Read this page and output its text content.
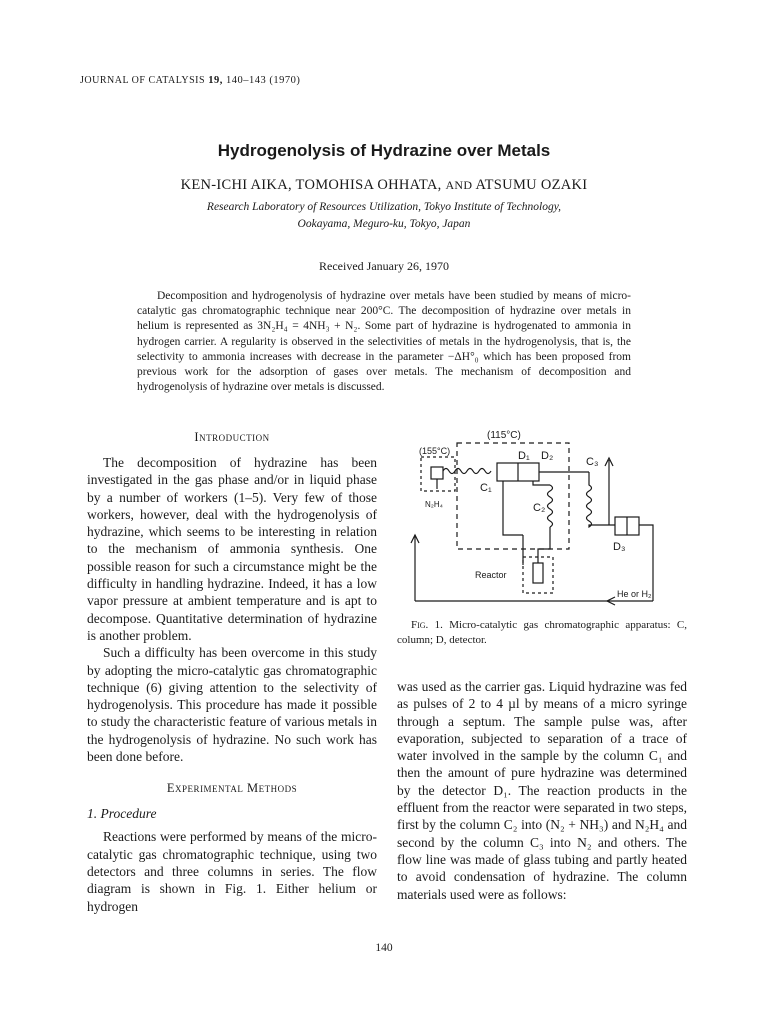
JOURNAL OF CATALYSIS 19, 140–143 (1970)
Hydrogenolysis of Hydrazine over Metals
KEN-ICHI AIKA, TOMOHISA OHHATA, AND ATSUMU OZAKI
Research Laboratory of Resources Utilization, Tokyo Institute of Technology,
Ookayama, Meguro-ku, Tokyo, Japan
Received January 26, 1970

Decomposition and hydrogenolysis of hydrazine over metals have been studied by means of micro-catalytic gas chromatographic technique near 200°C. The decomposition of hydrazine over metals in helium is represented as 3N₂H₄ = 4NH₃ + N₂. Some part of hydrazine is hydrogenated to ammonia in hydrogen carrier. A regularity is observed in the selectivities of metals in the hydrogenolysis, that is, the selectivity to ammonia increases with decrease in the parameter −ΔH°₀ which has been proposed from previous work for the adsorption of gases over metals. The mechanism of decomposition and hydrogenolysis of hydrazine over metals is discussed.

Introduction

The decomposition of hydrazine has been investigated in the gas phase and/or in liquid phase by a number of workers (1–5). Very few of those workers, however, deal with the hydrogenolysis of hydrazine, which seems to be interesting in relation to the mechanism of ammonia synthesis. One possible reason for such a circumstance might be the difficulty in handling hydrazine. Indeed, it has a low vapor pressure at ambient temperature and is apt to decompose. Quantitative determination of hydrazine is another problem.

Such a difficulty has been overcome in this study by adopting the micro-catalytic gas chromatographic technique (6) giving attention to the selectivity of hydrogenolysis. This procedure has made it possible to study the characteristic feature of various metals in the hydrogenolysis of hydrazine. No such work has been done before.

Experimental Methods
1. Procedure

Reactions were performed by means of the micro-catalytic gas chromatographic technique, using two detectors and three columns in series. The flow diagram is shown in Fig. 1. Either helium or hydrogen

(115°C)
(155°C)	D₁ D₂	C₃
C₁
C₂
N₂H₄
D₃
Reactor
He or H₂

Fig. 1. Micro-catalytic gas chromatographic apparatus: C, column; D, detector.

was used as the carrier gas. Liquid hydrazine was fed as pulses of 2 to 4 µl by means of a micro syringe through a septum. The sample pulse was, after evaporation, subjected to separation of a trace of water involved in the sample by the column C₁ and then the amount of pure hydrazine was determined by the detector D₁. The reaction products in the effluent from the reactor were separated in two steps, first by the column C₂ into (N₂ + NH₃) and N₂H₄ and second by the column C₃ into N₂ and others. The flow line was made of glass tubing and partly heated to avoid condensation of hydrazine. The column materials used were as follows:

140
